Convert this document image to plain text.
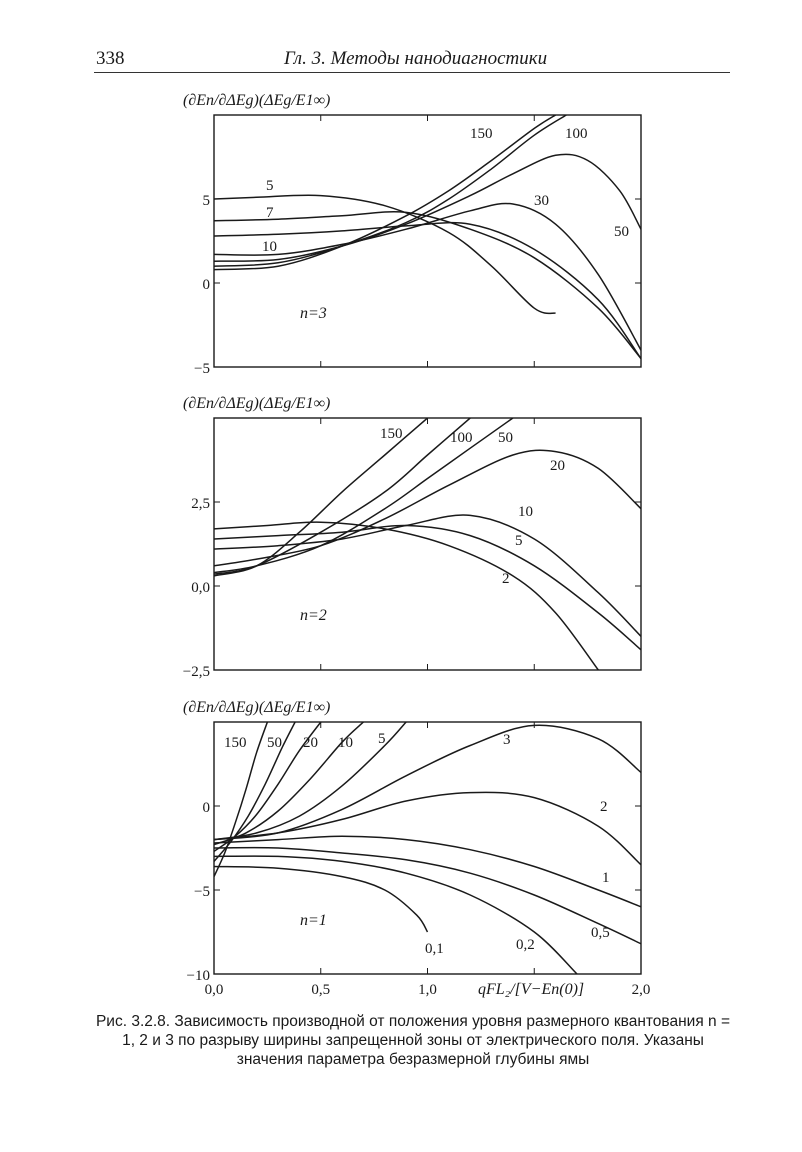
338	Гл. 3. Методы нанодиагностики
5
0
−5
(∂En/∂ΔEg)(ΔEg/E1∞)
150	100
5
7
10
30
50
n=3
2,5
0,0
−2,5
(∂En/∂ΔEg)(ΔEg/E1∞)
150	100 50
20
10
5
2
n=2
0
−5
−10
(∂En/∂ΔEg)(ΔEg/E1∞)
150 50 20 10 5	3
2
1
0,5
0,2
0,1
n=1
0,0	0,5	1,0	2,0
qFL₂/[V−En(0)]
Рис. 3.2.8. Зависимость производной от положения уровня размерного квантования n = 1, 2 и 3 по разрыву ширины запрещенной зоны от электрического поля. Указаны значения параметра безразмерной глубины ямы
